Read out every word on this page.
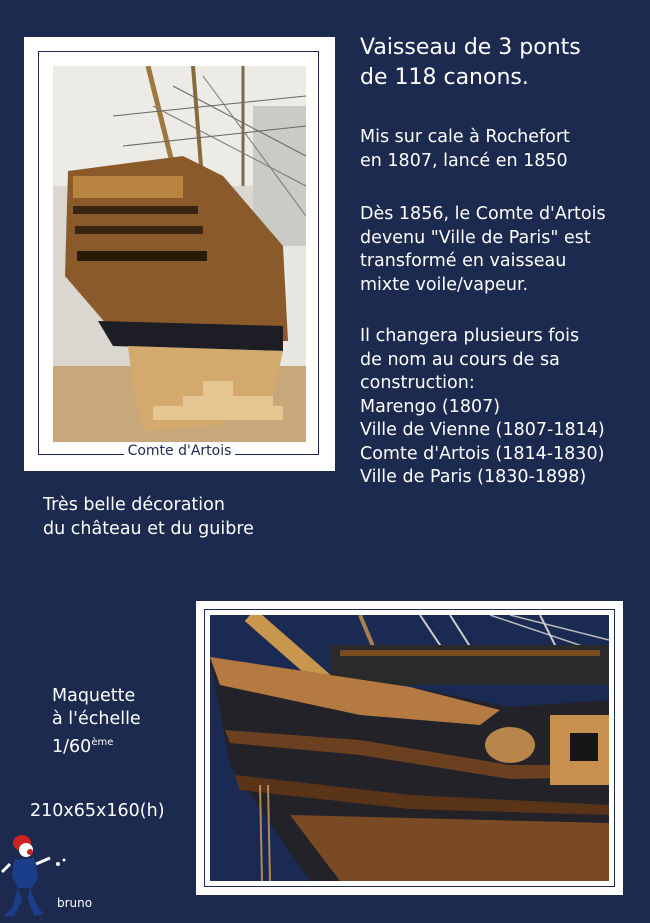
Comte d'Artois
Vaisseau de 3 ponts
de 118 canons.
Mis sur cale à Rochefort
en 1807, lancé en 1850
Dès 1856, le Comte d'Artois
devenu "Ville de Paris" est
transformé en vaisseau
mixte voile/vapeur.
Il changera plusieurs fois
de nom au cours de sa
construction:
Marengo (1807)
Ville de Vienne (1807-1814)
Comte d'Artois (1814-1830)
Ville de Paris (1830-1898)
Très belle décoration
du château et du guibre
Maquette
à l'échelle
1/60ème
210x65x160(h)
bruno
